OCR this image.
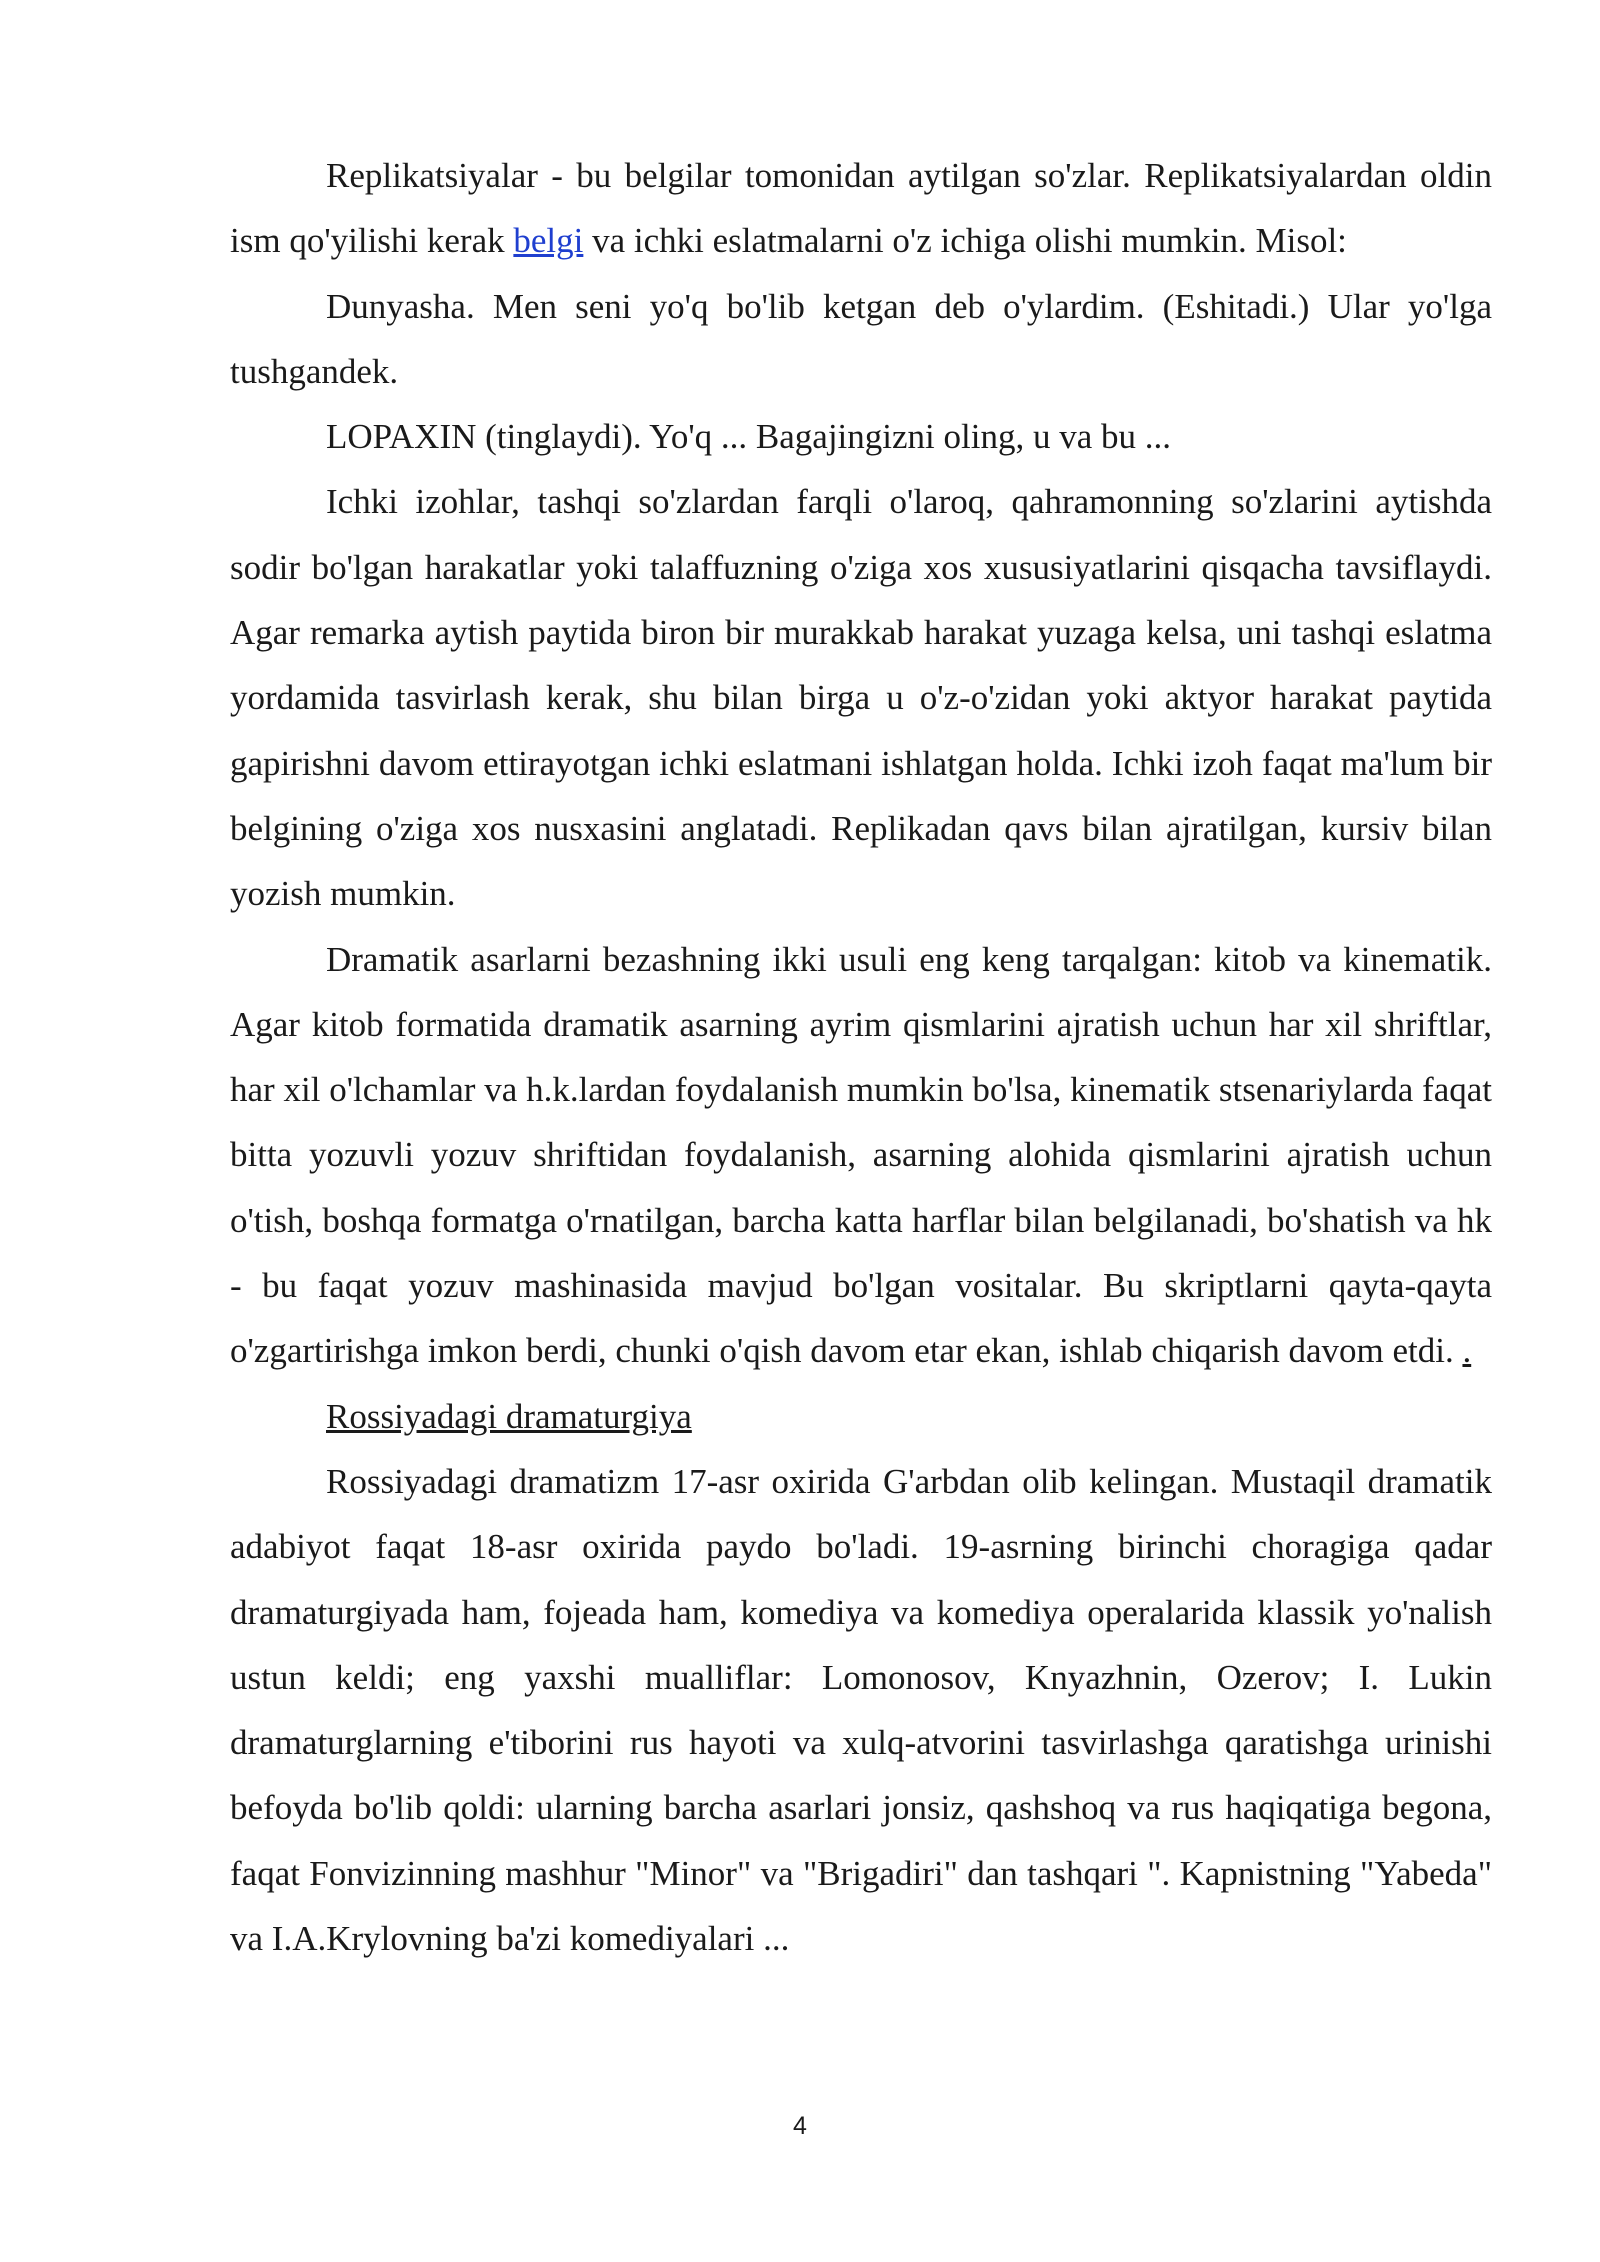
Replikatsiyalar - bu belgilar tomonidan aytilgan so'zlar. Replikatsiyalardan oldin ism qo'yilishi kerak belgi va ichki eslatmalarni o'z ichiga olishi mumkin. Misol:

Dunyasha. Men seni yo'q bo'lib ketgan deb o'ylardim. (Eshitadi.) Ular yo'lga tushgandek.

LOPAXIN (tinglaydi). Yo'q ... Bagajingizni oling, u va bu ...

Ichki izohlar, tashqi so'zlardan farqli o'laroq, qahramonning so'zlarini aytishda sodir bo'lgan harakatlar yoki talaffuzning o'ziga xos xususiyatlarini qisqacha tavsiflaydi. Agar remarka aytish paytida biron bir murakkab harakat yuzaga kelsa, uni tashqi eslatma yordamida tasvirlash kerak, shu bilan birga u o'z-o'zidan yoki aktyor harakat paytida gapirishni davom ettirayotgan ichki eslatmani ishlatgan holda. Ichki izoh faqat ma'lum bir belgining o'ziga xos nusxasini anglatadi. Replikadan qavs bilan ajratilgan, kursiv bilan yozish mumkin.

Dramatik asarlarni bezashning ikki usuli eng keng tarqalgan: kitob va kinematik. Agar kitob formatida dramatik asarning ayrim qismlarini ajratish uchun har xil shriftlar, har xil o'lchamlar va h.k.lardan foydalanish mumkin bo'lsa, kinematik stsenariylarda faqat bitta yozuvli yozuv shriftidan foydalanish, asarning alohida qismlarini ajratish uchun o'tish, boshqa formatga o'rnatilgan, barcha katta harflar bilan belgilanadi, bo'shatish va hk - bu faqat yozuv mashinasida mavjud bo'lgan vositalar. Bu skriptlarni qayta-qayta o'zgartirishga imkon berdi, chunki o'qish davom etar ekan, ishlab chiqarish davom etdi. .

Rossiyadagi dramaturgiya

Rossiyadagi dramatizm 17-asr oxirida G'arbdan olib kelingan. Mustaqil dramatik adabiyot faqat 18-asr oxirida paydo bo'ladi. 19-asrning birinchi choragiga qadar dramaturgiyada ham, fojeada ham, komediya va komediya operalarida klassik yo'nalish ustun keldi; eng yaxshi mualliflar: Lomonosov, Knyazhnin, Ozerov; I. Lukin dramaturglarning e'tiborini rus hayoti va xulq-atvorini tasvirlashga qaratishga urinishi befoyda bo'lib qoldi: ularning barcha asarlari jonsiz, qashshoq va rus haqiqatiga begona, faqat Fonvizinning mashhur "Minor" va "Brigadiri" dan tashqari ". Kapnistning "Yabeda" va I.A.Krylovning ba'zi komediyalari ...

4
